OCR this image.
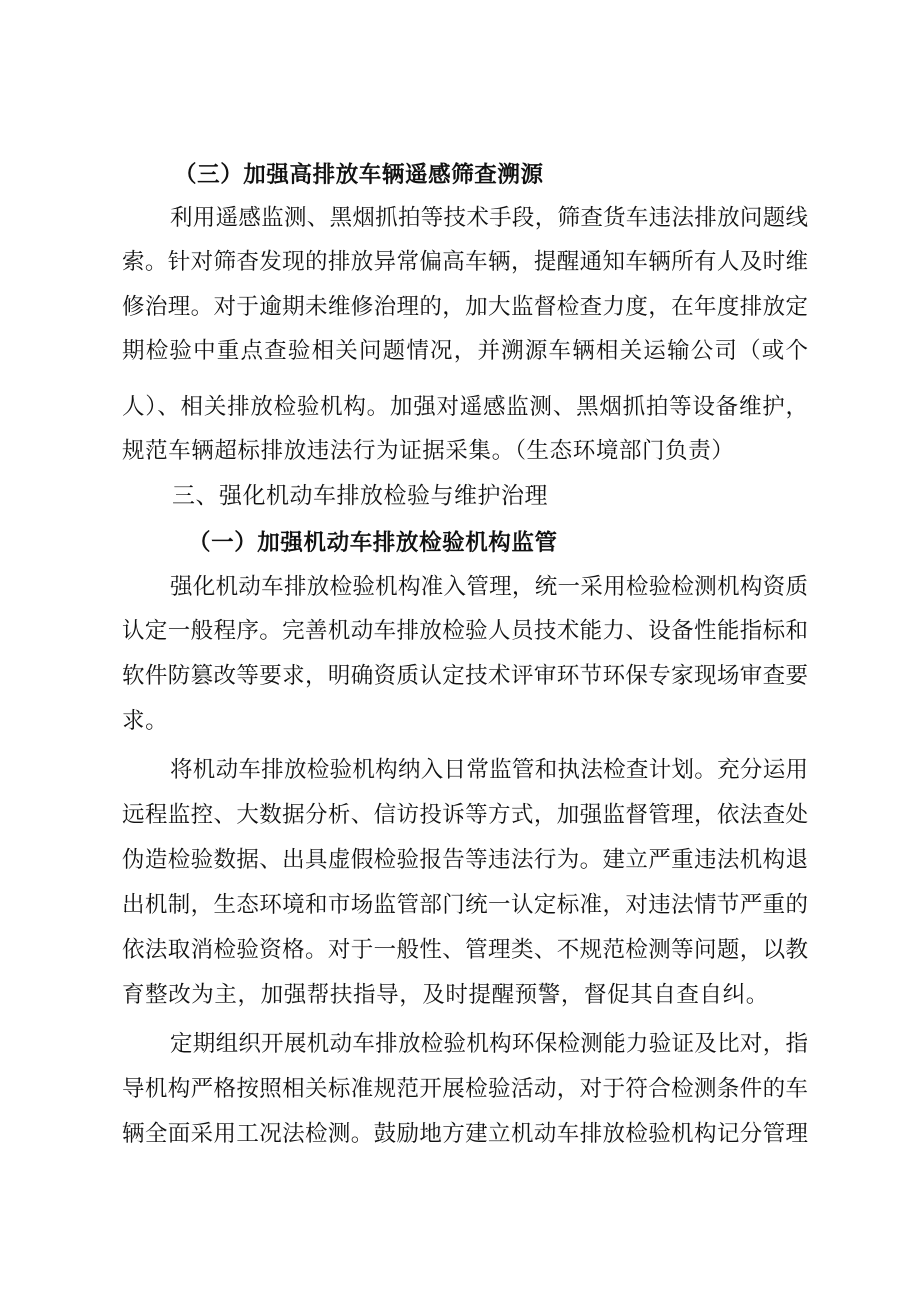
（三）加强高排放车辆遥感筛查溯源
利用遥感监测、黑烟抓拍等技术手段，筛查货车违法排放问题线
索。针对筛杳发现的排放异常偏高车辆，提醒通知车辆所有人及时维
修治理。对于逾期未维修治理的，加大监督检查力度，在年度排放定
期检验中重点查验相关问题情况，并溯源车辆相关运输公司（或个
人）、相关排放检验机构。加强对遥感监测、黑烟抓拍等设备维护，
规范车辆超标排放违法行为证据采集。（生态环境部门负责）
三、强化机动车排放检验与维护治理
（一）加强机动车排放检验机构监管
强化机动车排放检验机构准入管理，统一采用检验检测机构资质
认定一般程序。完善机动车排放检验人员技术能力、设备性能指标和
软件防篡改等要求，明确资质认定技术评审环节环保专家现场审查要
求。
将机动车排放检验机构纳入日常监管和执法检查计划。充分运用
远程监控、大数据分析、信访投诉等方式，加强监督管理，依法查处
伪造检验数据、出具虚假检验报告等违法行为。建立严重违法机构退
出机制，生态环境和市场监管部门统一认定标准，对违法情节严重的
依法取消检验资格。对于一般性、管理类、不规范检测等问题，以教
育整改为主，加强帮扶指导，及时提醒预警，督促其自查自纠。
定期组织开展机动车排放检验机构环保检测能力验证及比对，指
导机构严格按照相关标准规范开展检验活动，对于符合检测条件的车
辆全面采用工况法检测。鼓励地方建立机动车排放检验机构记分管理
